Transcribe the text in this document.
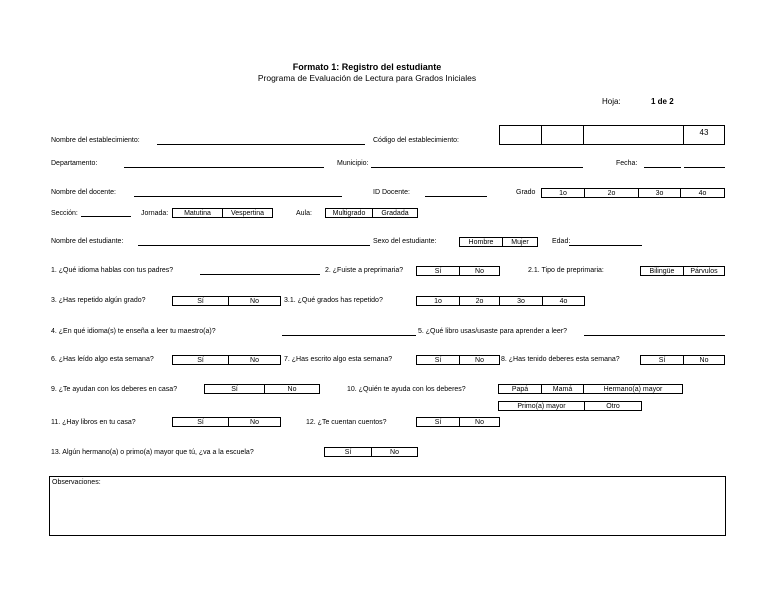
Formato 1: Registro del estudiante
Programa de Evaluación de Lectura para Grados Iniciales
Hoja:	1 de 2
Nombre del establecimiento:	Código del establecimiento:
43
Departamento:	Municipio:	Fecha:
Nombre del docente:	ID Docente:	Grado	1o	2o	3o	4o
Sección:	Jornada:	Matutina	Vespertina	Aula:	Multigrado	Gradada
Nombre del estudiante:	Sexo del estudiante:	Hombre	Mujer	Edad:
1. ¿Qué idioma hablas con tus padres?	2. ¿Fuiste a preprimaria?	Sí	No	2.1. Tipo de preprimaria:	Bilingüe	Párvulos
3. ¿Has repetido algún grado?	Sí	No	3.1. ¿Qué grados has repetido?	1o	2o	3o	4o
4. ¿En qué idioma(s) te enseña a leer tu maestro(a)?	5. ¿Qué libro usas/usaste para aprender a leer?
6. ¿Has leído algo esta semana?	Sí	No	7. ¿Has escrito algo esta semana?	Sí	No	8. ¿Has tenido deberes esta semana?	Sí	No
9. ¿Te ayudan con los deberes en casa?	Sí	No	10. ¿Quién te ayuda con los deberes?	Papá	Mamá	Hermano(a) mayor
Primo(a) mayor	Otro
11. ¿Hay libros en tu casa?	Sí	No	12. ¿Te cuentan cuentos?	Sí	No
13. Algún hermano(a) o primo(a) mayor que tú, ¿va a la escuela?	Sí	No
Observaciones:
